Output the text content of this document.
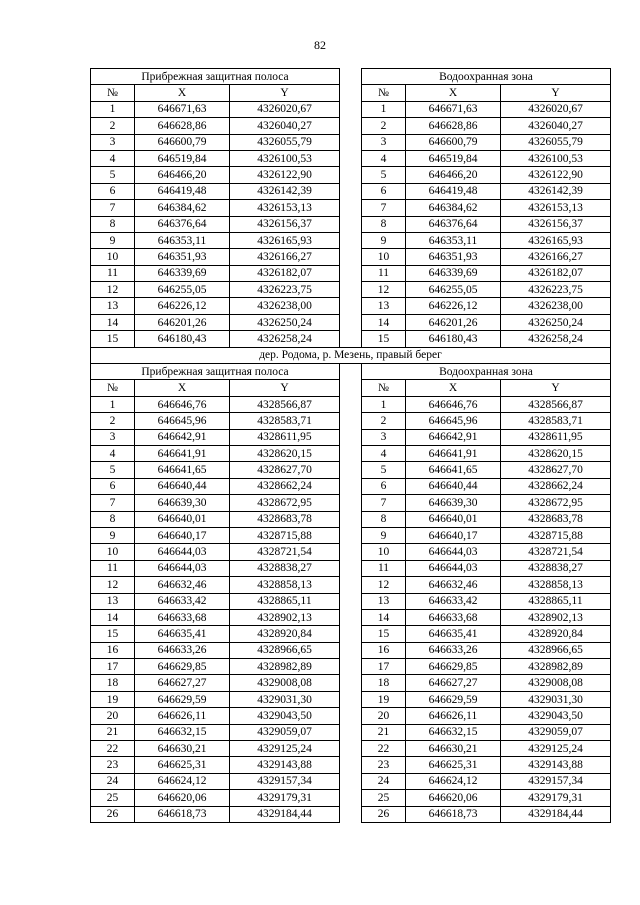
82
Прибрежная защитная полоса				Водоохранная зона		
№	X	Y		№	X	Y
1	646671,63	4326020,67		1	646671,63	4326020,67
2	646628,86	4326040,27		2	646628,86	4326040,27
3	646600,79	4326055,79		3	646600,79	4326055,79
4	646519,84	4326100,53		4	646519,84	4326100,53
5	646466,20	4326122,90		5	646466,20	4326122,90
6	646419,48	4326142,39		6	646419,48	4326142,39
7	646384,62	4326153,13		7	646384,62	4326153,13
8	646376,64	4326156,37		8	646376,64	4326156,37
9	646353,11	4326165,93		9	646353,11	4326165,93
10	646351,93	4326166,27		10	646351,93	4326166,27
11	646339,69	4326182,07		11	646339,69	4326182,07
12	646255,05	4326223,75		12	646255,05	4326223,75
13	646226,12	4326238,00		13	646226,12	4326238,00
14	646201,26	4326250,24		14	646201,26	4326250,24
15	646180,43	4326258,24		15	646180,43	4326258,24
дер. Родома, р. Мезень, правый берег						
Прибрежная защитная полоса				Водоохранная зона		
№	X	Y		№	X	Y
1	646646,76	4328566,87		1	646646,76	4328566,87
2	646645,96	4328583,71		2	646645,96	4328583,71
3	646642,91	4328611,95		3	646642,91	4328611,95
4	646641,91	4328620,15		4	646641,91	4328620,15
5	646641,65	4328627,70		5	646641,65	4328627,70
6	646640,44	4328662,24		6	646640,44	4328662,24
7	646639,30	4328672,95		7	646639,30	4328672,95
8	646640,01	4328683,78		8	646640,01	4328683,78
9	646640,17	4328715,88		9	646640,17	4328715,88
10	646644,03	4328721,54		10	646644,03	4328721,54
11	646644,03	4328838,27		11	646644,03	4328838,27
12	646632,46	4328858,13		12	646632,46	4328858,13
13	646633,42	4328865,11		13	646633,42	4328865,11
14	646633,68	4328902,13		14	646633,68	4328902,13
15	646635,41	4328920,84		15	646635,41	4328920,84
16	646633,26	4328966,65		16	646633,26	4328966,65
17	646629,85	4328982,89		17	646629,85	4328982,89
18	646627,27	4329008,08		18	646627,27	4329008,08
19	646629,59	4329031,30		19	646629,59	4329031,30
20	646626,11	4329043,50		20	646626,11	4329043,50
21	646632,15	4329059,07		21	646632,15	4329059,07
22	646630,21	4329125,24		22	646630,21	4329125,24
23	646625,31	4329143,88		23	646625,31	4329143,88
24	646624,12	4329157,34		24	646624,12	4329157,34
25	646620,06	4329179,31		25	646620,06	4329179,31
26	646618,73	4329184,44		26	646618,73	4329184,44
